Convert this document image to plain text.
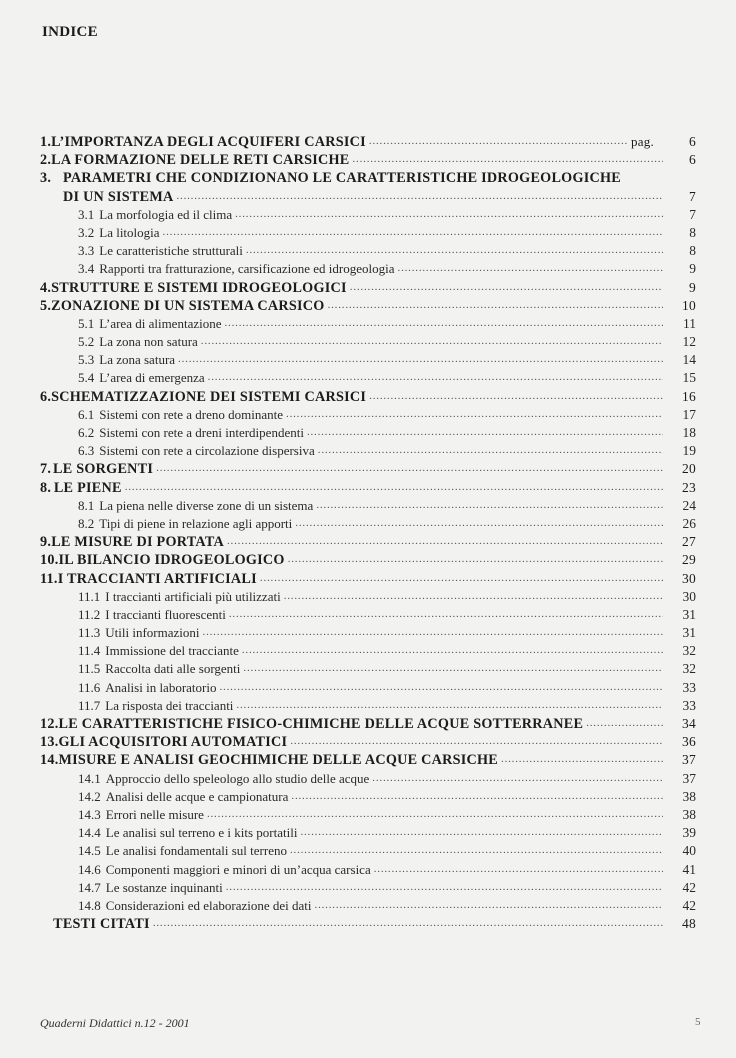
INDICE
1. L’IMPORTANZA DEGLI ACQUIFERI CARSICI .....	pag.	6
2. LA FORMAZIONE DELLE RETI CARSICHE .....	6
3. PARAMETRI CHE CONDIZIONANO LE CARATTERISTICHE IDROGEOLOGICHE
DI UN SISTEMA .....	7
3.1 La morfologia ed il clima .....	7
3.2 La litologia .....	8
3.3 Le caratteristiche strutturali .....	8
3.4 Rapporti tra fratturazione, carsificazione ed idrogeologia .....	9
4. STRUTTURE E SISTEMI IDROGEOLOGICI .....	9
5. ZONAZIONE DI UN SISTEMA CARSICO .....	10
5.1 L’area di alimentazione .....	11
5.2 La zona non satura .....	12
5.3 La zona satura .....	14
5.4 L’area di emergenza .....	15
6. SCHEMATIZZAZIONE DEI SISTEMI CARSICI .....	16
6.1 Sistemi con rete a dreno dominante .....	17
6.2 Sistemi con rete a dreni interdipendenti .....	18
6.3 Sistemi con rete a circolazione dispersiva .....	19
7. LE SORGENTI .....	20
8. LE PIENE .....	23
8.1 La piena nelle diverse zone di un sistema .....	24
8.2 Tipi di piene in relazione agli apporti .....	26
9. LE MISURE DI PORTATA .....	27
10. IL BILANCIO IDROGEOLOGICO .....	29
11. I TRACCIANTI ARTIFICIALI .....	30
11.1 I traccianti artificiali più utilizzati .....	30
11.2 I traccianti fluorescenti .....	31
11.3 Utili informazioni .....	31
11.4 Immissione del tracciante .....	32
11.5 Raccolta dati alle sorgenti .....	32
11.6 Analisi in laboratorio .....	33
11.7 La risposta dei traccianti .....	33
12. LE CARATTERISTICHE FISICO-CHIMICHE DELLE ACQUE SOTTERRANEE .....	34
13. GLI ACQUISITORI AUTOMATICI .....	36
14. MISURE E ANALISI GEOCHIMICHE DELLE ACQUE CARSICHE .....	37
14.1 Approccio dello speleologo allo studio delle acque .....	37
14.2 Analisi delle acque e campionatura .....	38
14.3 Errori nelle misure .....	38
14.4 Le analisi sul terreno e i kits portatili .....	39
14.5 Le analisi fondamentali sul terreno .....	40
14.6 Componenti maggiori e minori di un’acqua carsica .....	41
14.7 Le sostanze inquinanti .....	42
14.8 Considerazioni ed elaborazione dei dati .....	42
TESTI CITATI .....	48
Quaderni Didattici n.12 - 2001	5
